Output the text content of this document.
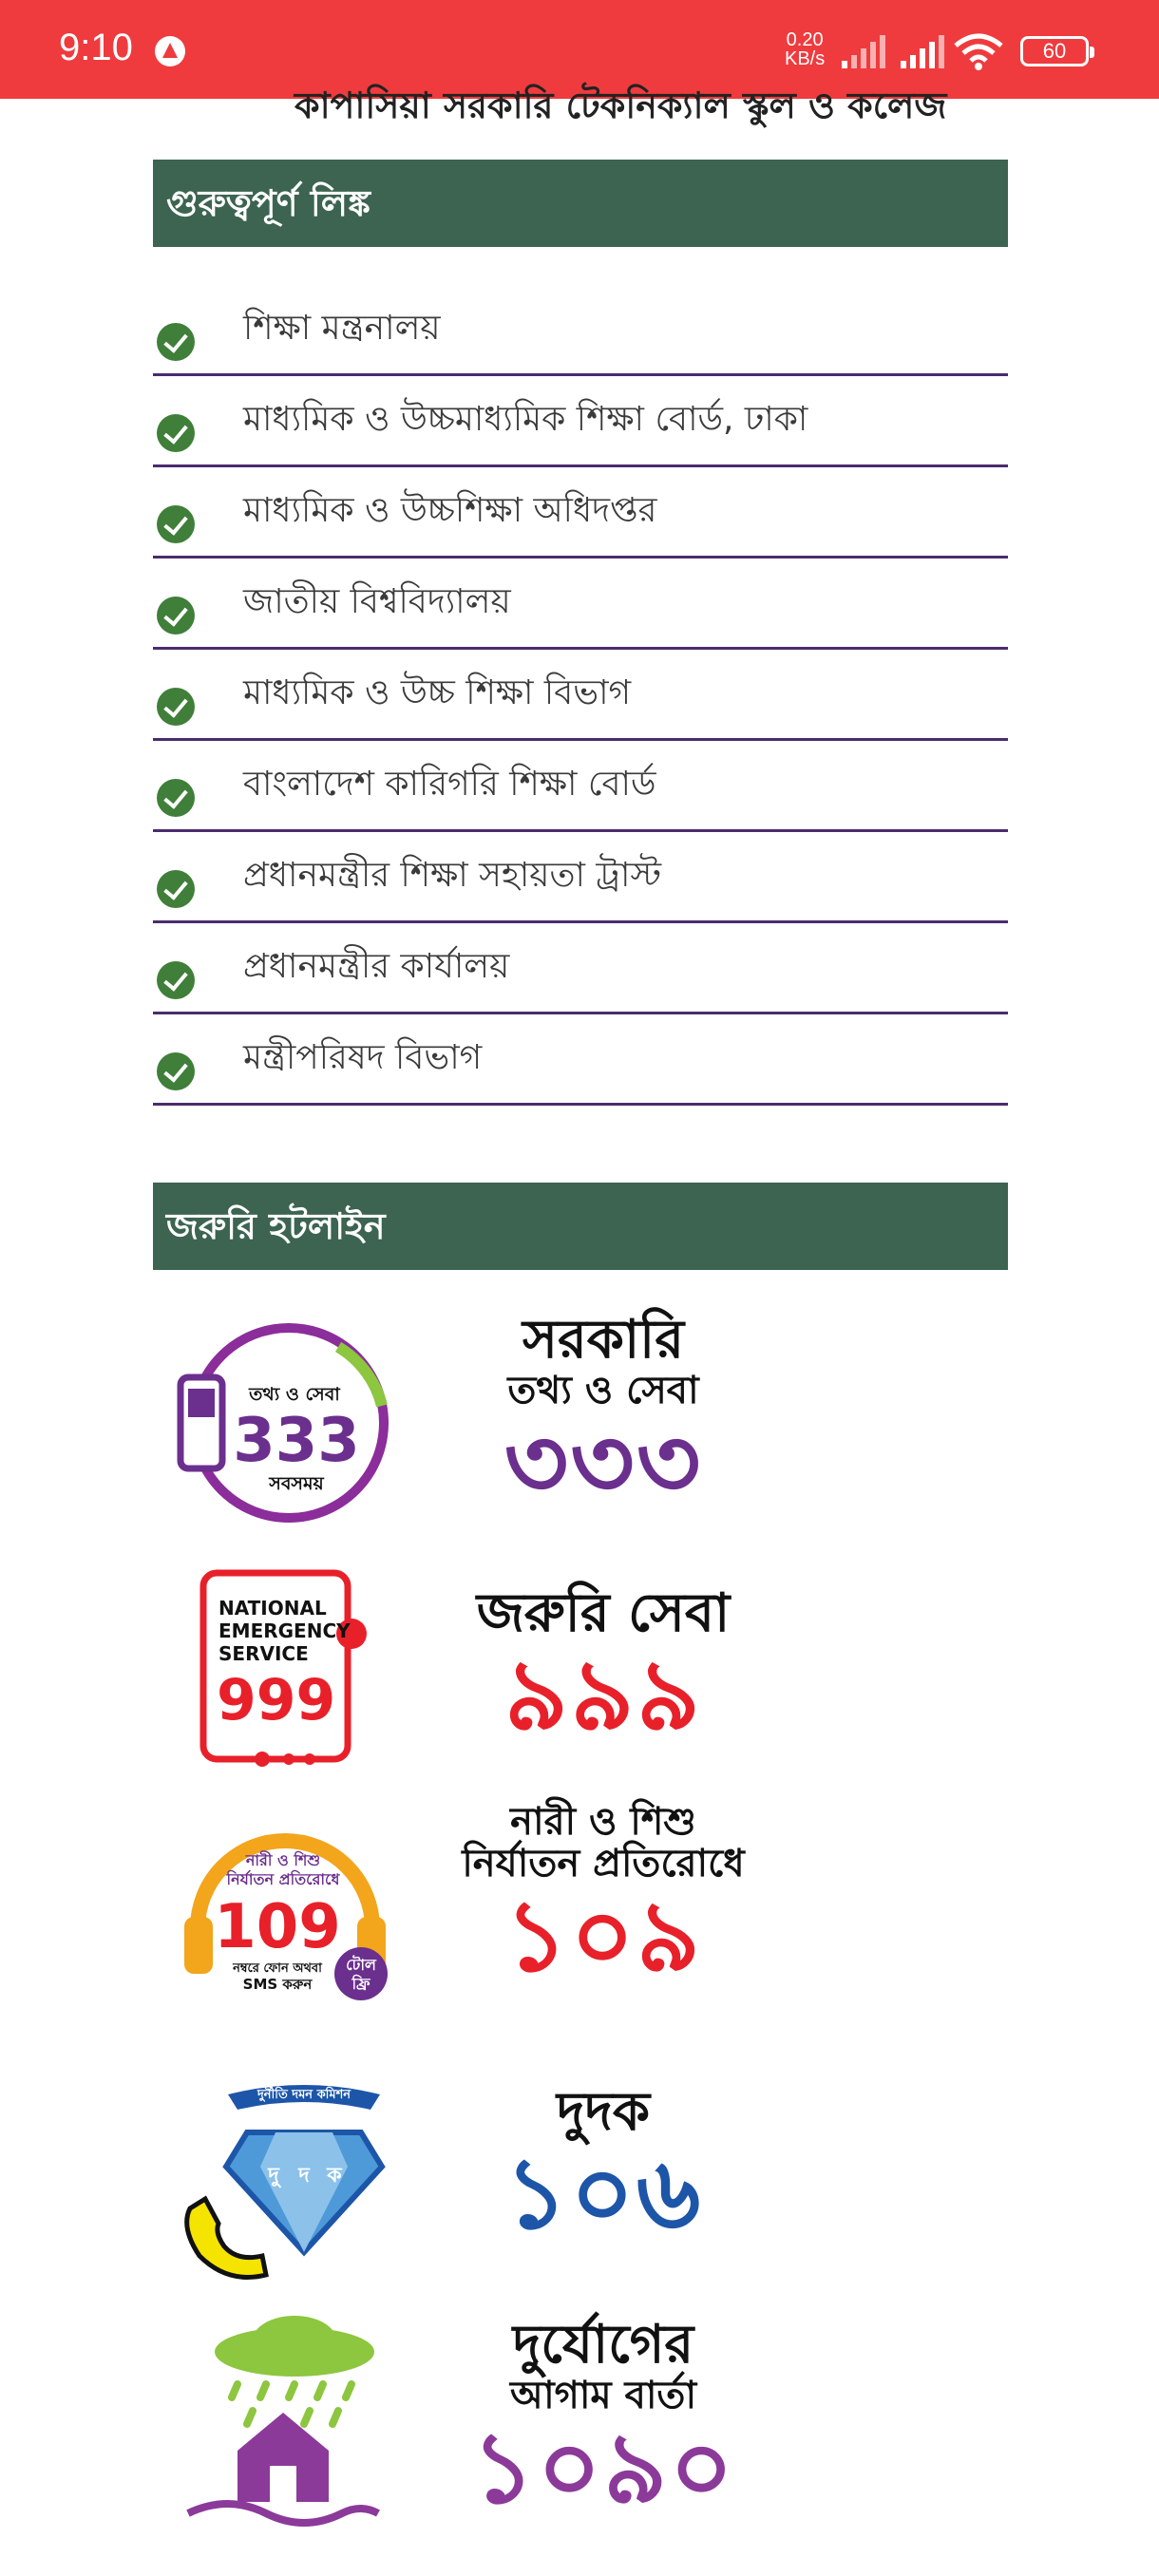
9:10	0.20
KB/s	60
কাপাসিয়া সরকারি টেকনিক্যাল স্কুল ও কলেজ
গুরুত্বপূর্ণ লিঙ্ক
শিক্ষা মন্ত্রনালয়
মাধ্যমিক ও উচ্চমাধ্যমিক শিক্ষা বোর্ড, ঢাকা
মাধ্যমিক ও উচ্চশিক্ষা অধিদপ্তর
জাতীয় বিশ্ববিদ্যালয়
মাধ্যমিক ও উচ্চ শিক্ষা বিভাগ
বাংলাদেশ কারিগরি শিক্ষা বোর্ড
প্রধানমন্ত্রীর শিক্ষা সহায়তা ট্রাস্ট
প্রধানমন্ত্রীর কার্যালয়
মন্ত্রীপরিষদ বিভাগ
জরুরি হটলাইন
তথ্য ও সেবা
333
সবসময়
সরকারি
তথ্য ও সেবা
৩৩৩
NATIONAL
EMERGENCY
SERVICE
999
জরুরি সেবা
৯৯৯
নারী ও শিশু
নির্যাতন প্রতিরোধে
109
নম্বরে ফোন অথবা
SMS করুন
টোল
ফ্রি
নারী ও শিশু
নির্যাতন প্রতিরোধে
১০৯
দুর্নীতি দমন কমিশন
দু দ ক
দুদক
১০৬
দুর্যোগের
আগাম বার্তা
১০৯০
